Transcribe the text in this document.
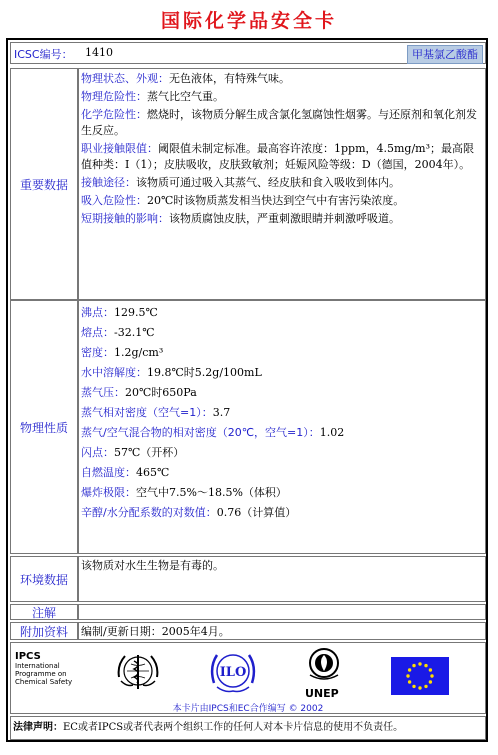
国际化学品安全卡
ICSC编号： 1410	甲基氯乙酸酯
重要数据
物理状态、外观：无色液体，有特殊气味。
物理危险性：蒸气比空气重。
化学危险性：燃烧时，该物质分解生成含氯化氢腐蚀性烟雾。与还原剂和氧化剂发生反应。
职业接触限值：阈限值未制定标准。最高容许浓度：1ppm，4.5mg/m³；最高限值种类：I（1）；皮肤吸收，皮肤致敏剂；妊娠风险等级：D（德国，2004年）。
接触途径：该物质可通过吸入其蒸气、经皮肤和食入吸收到体内。
吸入危险性：20℃时该物质蒸发相当快达到空气中有害污染浓度。
短期接触的影响：该物质腐蚀皮肤，严重刺激眼睛并刺激呼吸道。
物理性质
沸点：129.5℃
熔点：-32.1℃
密度：1.2g/cm³
水中溶解度：19.8℃时5.2g/100mL
蒸气压：20℃时650Pa
蒸气相对密度（空气=1）：3.7
蒸气/空气混合物的相对密度（20℃，空气=1）：1.02
闪点：57℃（开杯）
自燃温度：465℃
爆炸极限：空气中7.5%～18.5%（体积）
辛醇/水分配系数的对数值：0.76（计算值）
环境数据
该物质对水生生物是有毒的。
注解
附加资料	编制/更新日期：2005年4月。
IPCS
International
Programme on
Chemical Safety
ILO
UNEP
本卡片由IPCS和EC合作编写 © 2002
法律声明：EC或者IPCS或者代表两个组织工作的任何人对本卡片信息的使用不负责任。
